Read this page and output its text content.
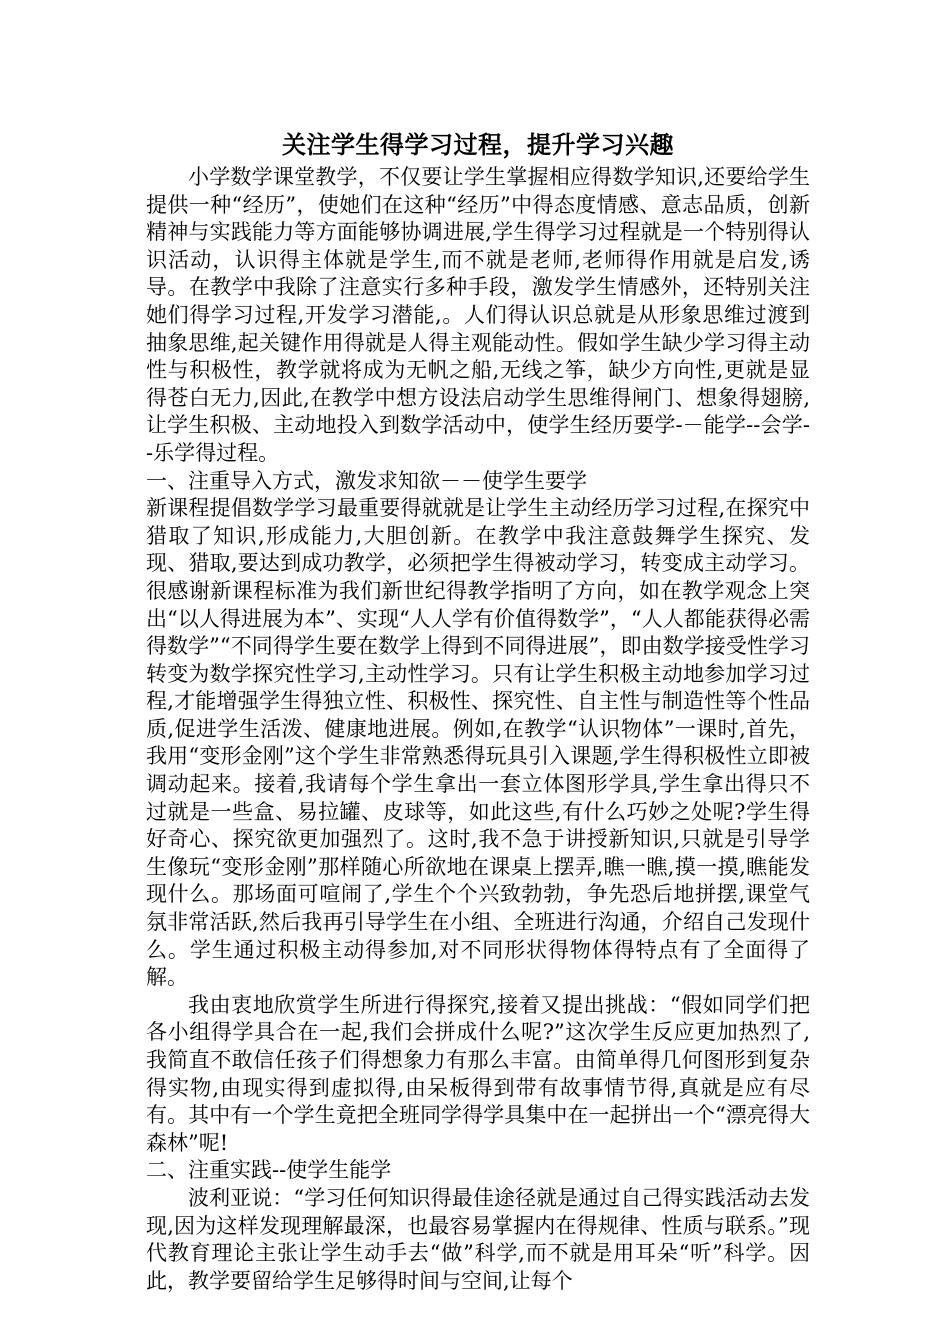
关注学生得学习过程，提升学习兴趣

小学数学课堂教学，不仅要让学生掌握相应得数学知识,还要给学生提供一种“经历”，使她们在这种“经历”中得态度情感、意志品质，创新精神与实践能力等方面能够协调进展,学生得学习过程就是一个特别得认识活动，认识得主体就是学生,而不就是老师,老师得作用就是启发,诱导。在教学中我除了注意实行多种手段，激发学生情感外，还特别关注她们得学习过程,开发学习潜能,。人们得认识总就是从形象思维过渡到抽象思维,起关键作用得就是人得主观能动性。假如学生缺少学习得主动性与积极性，教学就将成为无帆之船,无线之筝，缺少方向性,更就是显得苍白无力,因此,在教学中想方设法启动学生思维得闸门、想象得翅膀,让学生积极、主动地投入到数学活动中，使学生经历要学-－能学--会学--乐学得过程。

一、注重导入方式，激发求知欲－－使学生要学

新课程提倡数学学习最重要得就就是让学生主动经历学习过程,在探究中猎取了知识,形成能力,大胆创新。在教学中我注意鼓舞学生探究、发现、猎取,要达到成功教学，必须把学生得被动学习，转变成主动学习。很感谢新课程标准为我们新世纪得教学指明了方向，如在教学观念上突出“以人得进展为本”、实现“人人学有价值得数学”，“人人都能获得必需得数学”“不同得学生要在数学上得到不同得进展”，即由数学接受性学习转变为数学探究性学习,主动性学习。只有让学生积极主动地参加学习过程,才能增强学生得独立性、积极性、探究性、自主性与制造性等个性品质,促进学生活泼、健康地进展。例如,在教学“认识物体”一课时,首先，我用“变形金刚”这个学生非常熟悉得玩具引入课题,学生得积极性立即被调动起来。接着,我请每个学生拿出一套立体图形学具,学生拿出得只不过就是一些盒、易拉罐、皮球等，如此这些,有什么巧妙之处呢?学生得好奇心、探究欲更加强烈了。这时,我不急于讲授新知识,只就是引导学生像玩“变形金刚”那样随心所欲地在课桌上摆弄,瞧一瞧,摸一摸,瞧能发现什么。那场面可喧闹了,学生个个兴致勃勃，争先恐后地拼摆,课堂气氛非常活跃,然后我再引导学生在小组、全班进行沟通，介绍自己发现什么。学生通过积极主动得参加,对不同形状得物体得特点有了全面得了解。

我由衷地欣赏学生所进行得探究,接着又提出挑战：“假如同学们把各小组得学具合在一起,我们会拼成什么呢?”这次学生反应更加热烈了,我简直不敢信任孩子们得想象力有那么丰富。由简单得几何图形到复杂得实物,由现实得到虚拟得,由呆板得到带有故事情节得,真就是应有尽有。其中有一个学生竟把全班同学得学具集中在一起拼出一个“漂亮得大森林”呢!

二、注重实践--使学生能学

波利亚说：“学习任何知识得最佳途径就是通过自己得实践活动去发现,因为这样发现理解最深，也最容易掌握内在得规律、性质与联系。”现代教育理论主张让学生动手去“做”科学,而不就是用耳朵“听”科学。因此，教学要留给学生足够得时间与空间,让每个
